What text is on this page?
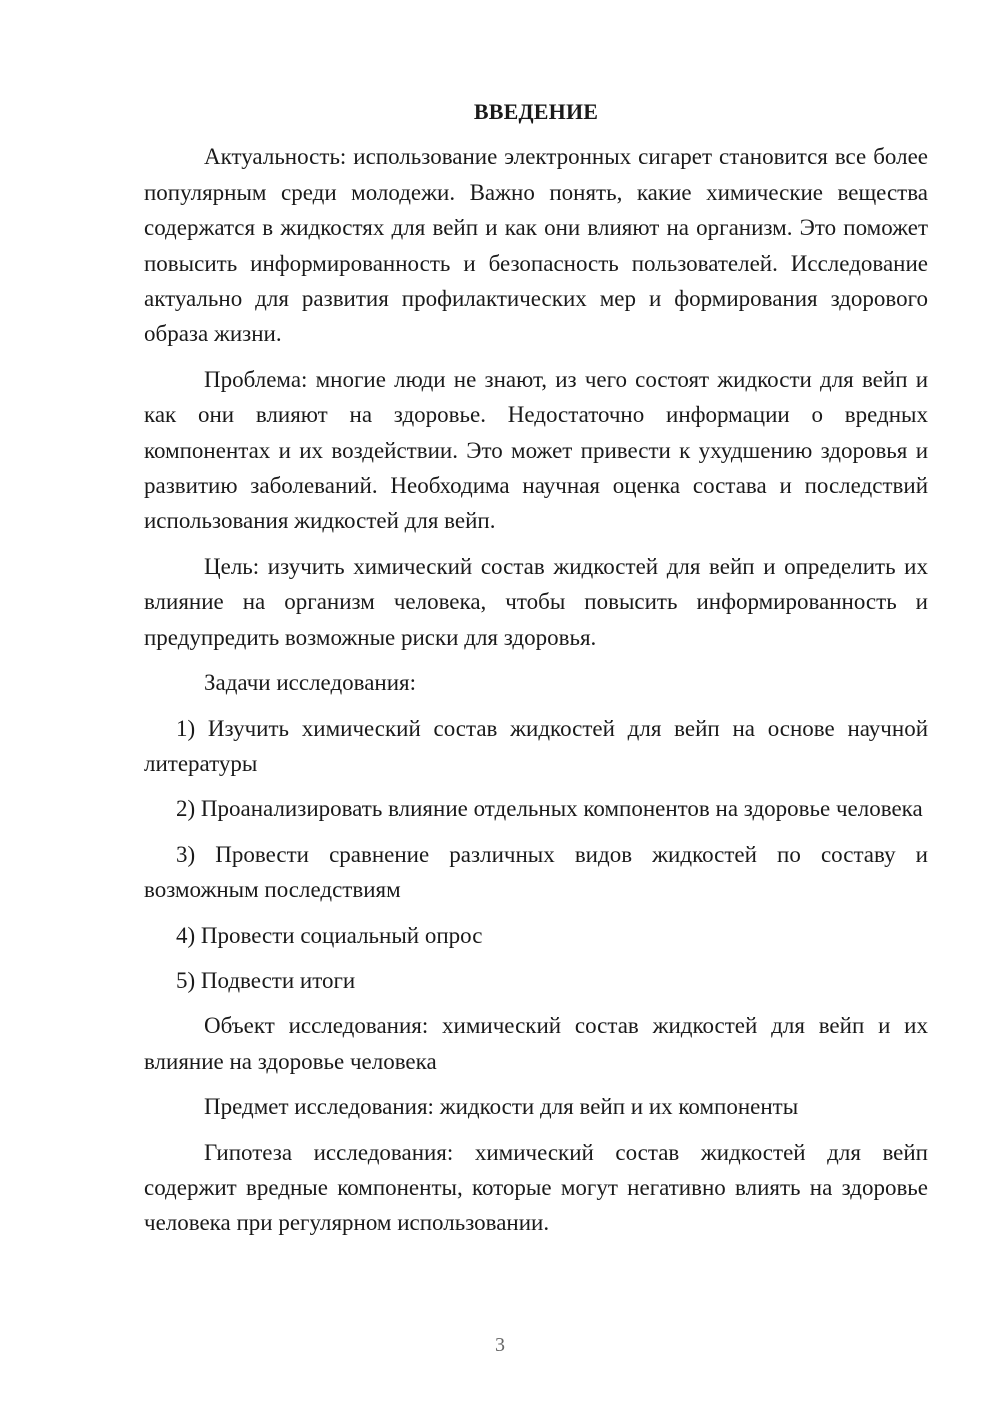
ВВЕДЕНИЕ

Актуальность: использование электронных сигарет становится все более популярным среди молодежи. Важно понять, какие химические вещества содержатся в жидкостях для вейп и как они влияют на организм. Это поможет повысить информированность и безопасность пользователей. Исследование актуально для развития профилактических мер и формирования здорового образа жизни.

Проблема: многие люди не знают, из чего состоят жидкости для вейп и как они влияют на здоровье. Недостаточно информации о вредных компонентах и их воздействии. Это может привести к ухудшению здоровья и развитию заболеваний. Необходима научная оценка состава и последствий использования жидкостей для вейп.

Цель: изучить химический состав жидкостей для вейп и определить их влияние на организм человека, чтобы повысить информированность и предупредить возможные риски для здоровья.

Задачи исследования:

1) Изучить химический состав жидкостей для вейп на основе научной литературы

2) Проанализировать влияние отдельных компонентов на здоровье человека

3) Провести сравнение различных видов жидкостей по составу и возможным последствиям

4) Провести социальный опрос

5) Подвести итоги

Объект исследования: химический состав жидкостей для вейп и их влияние на здоровье человека

Предмет исследования: жидкости для вейп и их компоненты

Гипотеза исследования: химический состав жидкостей для вейп содержит вредные компоненты, которые могут негативно влиять на здоровье человека при регулярном использовании.

3
